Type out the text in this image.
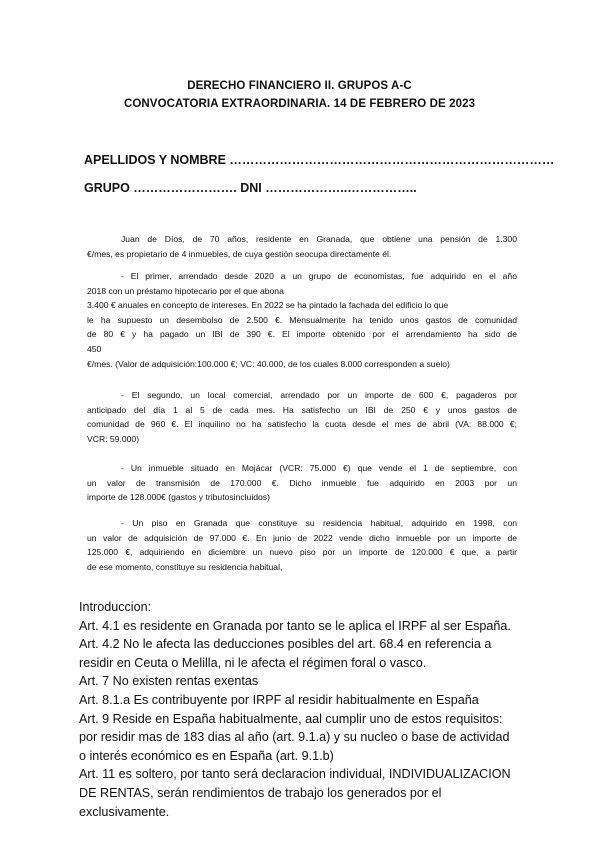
DERECHO FINANCIERO II. GRUPOS A-C
CONVOCATORIA EXTRAORDINARIA. 14 DE FEBRERO DE 2023
APELLIDOS Y NOMBRE ……………………………………………………………………
GRUPO ……………………. DNI ………………..……………..
Juan de Díos, de 70 años, residente en Granada, que obtiene una pensión de 1.300
€/mes, es propietario de 4 inmuebles, de cuya gestión seocupa directamente él.
- El primer, arrendado desde 2020 a un grupo de economistas, fue adquirido en el año
2018 con un préstamo hipotecario por el que abona
3.400 € anuales en concepto de intereses. En 2022 se ha pintado la fachada del edificio lo que
le ha supuesto un desembolso de 2.500 €. Mensualmente ha tenido unos gastos de comunidad
de 80 € y ha pagado un IBI de 390 €. El importe obtenido por el arrendamiento ha sido de
450
€/mes. (Valor de adquisición:100.000 €; VC: 40.000, de los cuales 8.000 corresponden a suelo)
- El segundo, un local comercial, arrendado por un importe de 600 €, pagaderos por
anticipado del día 1 al 5 de cada mes. Ha satisfecho un IBI de 250 € y unos gastos de
comunidad de 960 €. El inquilino no ha satisfecho la cuota desde el mes de abril (VA: 88.000 €;
VCR: 59.000)
- Un inmueble situado en Mojácar (VCR: 75.000 €) que vende el 1 de septiembre, con
un valor de transmisión de 170.000 €. Dicho inmueble fue adquirido en 2003 por un
importe de 128.000€ (gastos y tributosincluidos)
- Un piso en Granada que constituye su residencia habitual, adquirido en 1998, con
un valor de adquisición de 97.000 €. En junio de 2022 vende dicho inmueble por un importe de
125.000 €, adquiriendo en diciembre un nuevo piso por un importe de 120.000 € que, a partir
de ese momento, constituye su residencia habitual,
Introduccion:
Art. 4.1 es residente en Granada por tanto se le aplica el IRPF al ser España.
Art. 4.2 No le afecta las deducciones posibles del art. 68.4 en referencia a
residir en Ceuta o Melilla, ni le afecta el régimen foral o vasco.
Art. 7 No existen rentas exentas
Art. 8.1.a Es contribuyente por IRPF al residir habitualmente en España
Art. 9 Reside en España habitualmente, aal cumplir uno de estos requisitos:
por residir mas de 183 dias al año (art. 9.1.a) y su nucleo o base de actividad
o interés económico es en España (art. 9.1.b)
Art. 11 es soltero, por tanto será declaracion individual, INDIVIDUALIZACION
DE RENTAS, serán rendimientos de trabajo los generados por el
exclusivamente.
